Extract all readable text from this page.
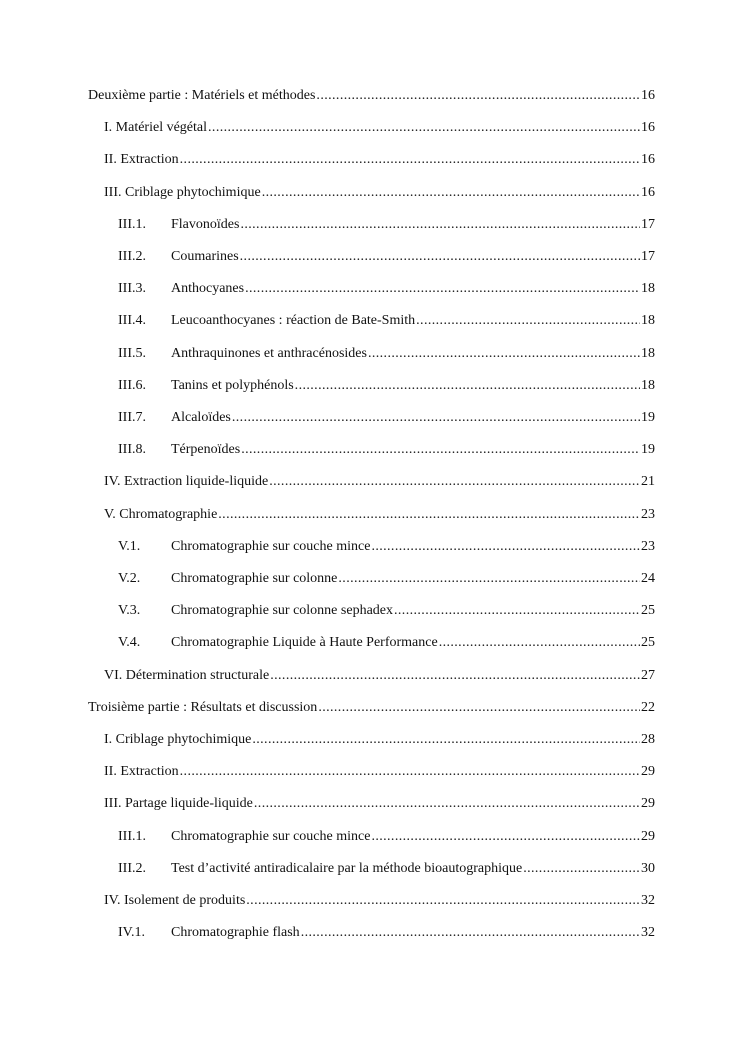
Deuxième partie : Matériels et méthodes .....	16
I. Matériel végétal .....	16
II. Extraction .....	16
III. Criblage phytochimique .....	16
III.1.	Flavonoïdes .....	17
III.2.	Coumarines .....	17
III.3.	Anthocyanes .....	18
III.4.	Leucoanthocyanes : réaction de Bate-Smith .....	18
III.5.	Anthraquinones et anthracénosides .....	18
III.6.	Tanins et polyphénols .....	18
III.7.	Alcaloïdes .....	19
III.8.	Térpenoïdes .....	19
IV. Extraction liquide-liquide .....	21
V. Chromatographie .....	23
V.1.	Chromatographie sur couche mince .....	23
V.2.	Chromatographie sur colonne .....	24
V.3.	Chromatographie sur colonne sephadex .....	25
V.4.	Chromatographie Liquide à Haute Performance .....	25
VI. Détermination structurale .....	27
Troisième partie : Résultats et discussion .....	22
I. Criblage phytochimique .....	28
II. Extraction .....	29
III. Partage liquide-liquide .....	29
III.1.	Chromatographie sur couche mince .....	29
III.2.	Test d’activité antiradicalaire par la méthode bioautographique .....	30
IV. Isolement de produits .....	32
IV.1.	Chromatographie flash .....	32
